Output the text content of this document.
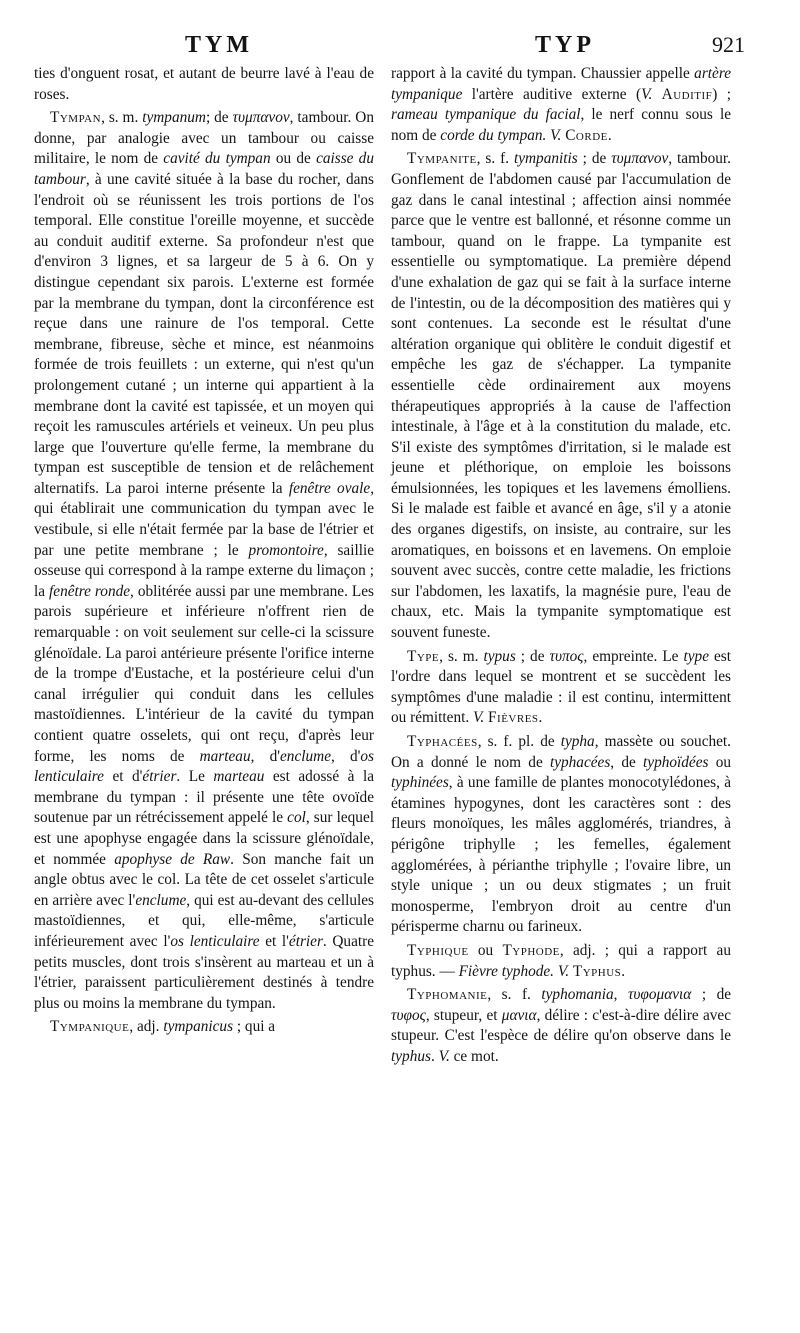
TYM	TYP	921

ties d'onguent rosat, et autant de beurre lavé à l'eau de roses.

Tympan, s. m. tympanum; de τυμπανον, tambour. On donne, par analogie avec un tambour ou caisse militaire, le nom de cavité du tympan ou de caisse du tambour, à une cavité située à la base du rocher, dans l'endroit où se réunissent les trois portions de l'os temporal. Elle constitue l'oreille moyenne, et succède au conduit auditif externe. Sa profondeur n'est que d'environ 3 lignes, et sa largeur de 5 à 6. On y distingue cependant six parois. L'externe est formée par la membrane du tympan, dont la circonférence est reçue dans une rainure de l'os temporal. Cette membrane, fibreuse, sèche et mince, est néanmoins formée de trois feuillets : un externe, qui n'est qu'un prolongement cutané ; un interne qui appartient à la membrane dont la cavité est tapissée, et un moyen qui reçoit les ramuscules artériels et veineux. Un peu plus large que l'ouverture qu'elle ferme, la membrane du tympan est susceptible de tension et de relâchement alternatifs. La paroi interne présente la fenêtre ovale, qui établirait une communication du tympan avec le vestibule, si elle n'était fermée par la base de l'étrier et par une petite membrane ; le promontoire, saillie osseuse qui correspond à la rampe externe du limaçon ; la fenêtre ronde, oblitérée aussi par une membrane. Les parois supérieure et inférieure n'offrent rien de remarquable : on voit seulement sur celle-ci la scissure glénoïdale. La paroi antérieure présente l'orifice interne de la trompe d'Eustache, et la postérieure celui d'un canal irrégulier qui conduit dans les cellules mastoïdiennes. L'intérieur de la cavité du tympan contient quatre osselets, qui ont reçu, d'après leur forme, les noms de marteau, d'enclume, d'os lenticulaire et d'étrier. Le marteau est adossé à la membrane du tympan : il présente une tête ovoïde soutenue par un rétrécissement appelé le col, sur lequel est une apophyse engagée dans la scissure glénoïdale, et nommée apophyse de Raw. Son manche fait un angle obtus avec le col. La tête de cet osselet s'articule en arrière avec l'enclume, qui est au-devant des cellules mastoïdiennes, et qui, elle-même, s'articule inférieurement avec l'os lenticulaire et l'étrier. Quatre petits muscles, dont trois s'insèrent au marteau et un à l'étrier, paraissent particulièrement destinés à tendre plus ou moins la membrane du tympan.

Tympanique, adj. tympanicus ; qui a

rapport à la cavité du tympan. Chaussier appelle artère tympanique l'artère auditive externe (V. Auditif) ; rameau tympanique du facial, le nerf connu sous le nom de corde du tympan. V. Corde.

Tympanite, s. f. tympanitis ; de τυμπανον, tambour. Gonflement de l'abdomen causé par l'accumulation de gaz dans le canal intestinal ; affection ainsi nommée parce que le ventre est ballonné, et résonne comme un tambour, quand on le frappe. La tympanite est essentielle ou symptomatique. La première dépend d'une exhalation de gaz qui se fait à la surface interne de l'intestin, ou de la décomposition des matières qui y sont contenues. La seconde est le résultat d'une altération organique qui oblitère le conduit digestif et empêche les gaz de s'échapper. La tympanite essentielle cède ordinairement aux moyens thérapeutiques appropriés à la cause de l'affection intestinale, à l'âge et à la constitution du malade, etc. S'il existe des symptômes d'irritation, si le malade est jeune et pléthorique, on emploie les boissons émulsionnées, les topiques et les lavemens émolliens. Si le malade est faible et avancé en âge, s'il y a atonie des organes digestifs, on insiste, au contraire, sur les aromatiques, en boissons et en lavemens. On emploie souvent avec succès, contre cette maladie, les frictions sur l'abdomen, les laxatifs, la magnésie pure, l'eau de chaux, etc. Mais la tympanite symptomatique est souvent funeste.

Type, s. m. typus ; de τυπος, empreinte. Le type est l'ordre dans lequel se montrent et se succèdent les symptômes d'une maladie : il est continu, intermittent ou rémittent. V. Fièvres.

Typhacées, s. f. pl. de typha, massète ou souchet. On a donné le nom de typhacées, de typhoïdées ou typhinées, à une famille de plantes monocotylédones, à étamines hypogynes, dont les caractères sont : des fleurs monoïques, les mâles agglomérés, triandres, à périgône triphylle ; les femelles, également agglomérées, à périanthe triphylle ; l'ovaire libre, un style unique ; un ou deux stigmates ; un fruit monosperme, l'embryon droit au centre d'un périsperme charnu ou farineux.

Typhique ou Typhode, adj. ; qui a rapport au typhus. — Fièvre typhode. V. Typhus.

Typhomanie, s. f. typhomania, τυφομανια ; de τυφος, stupeur, et μανια, délire : c'est-à-dire délire avec stupeur. C'est l'espèce de délire qu'on observe dans le typhus. V. ce mot.
